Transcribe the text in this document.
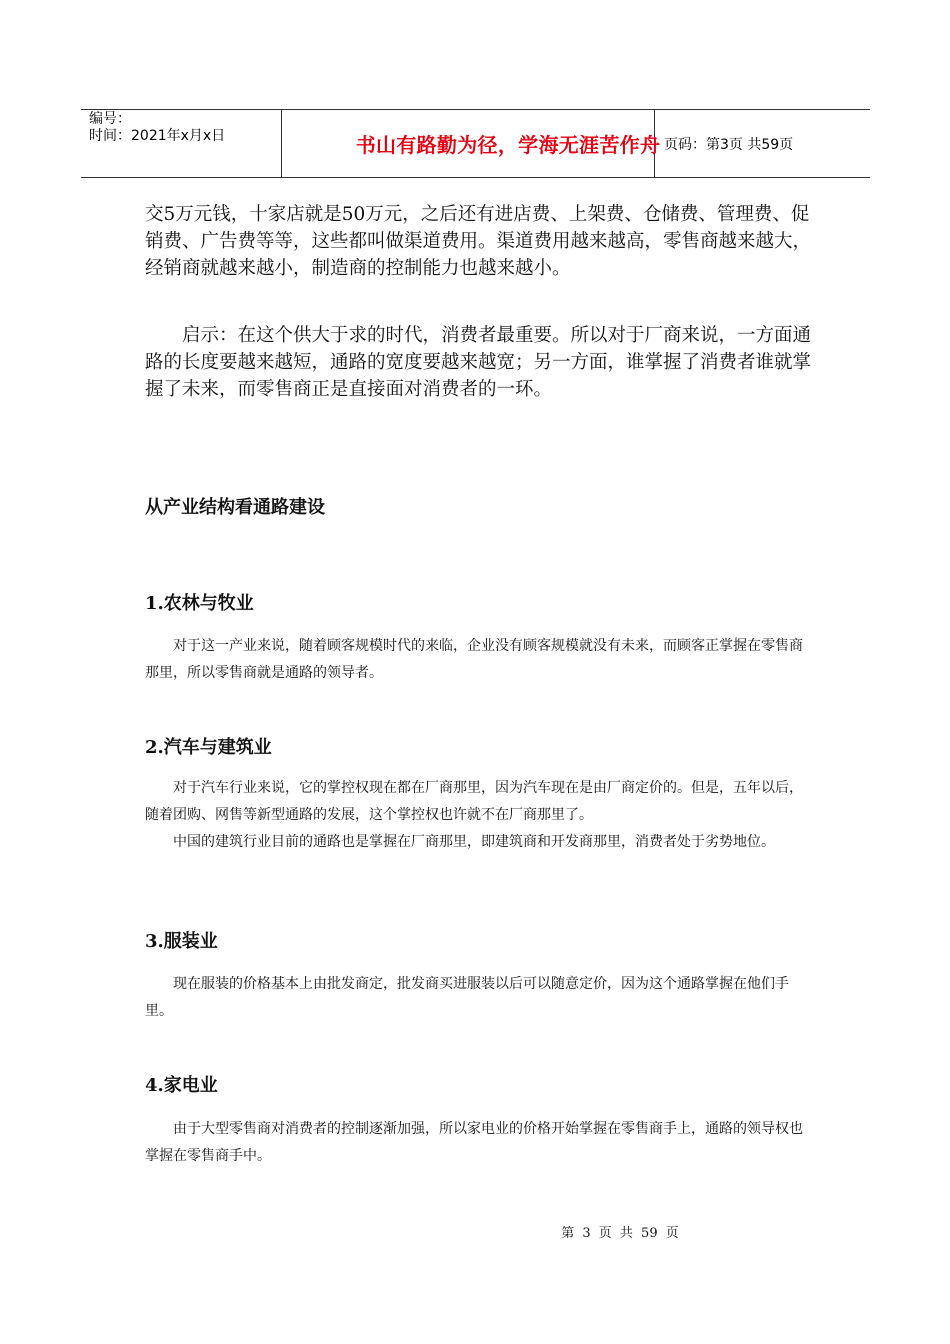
编号：
时间：2021年x月x日	书山有路勤为径，学海无涯苦作舟 页码：第3页 共59页

交5万元钱，十家店就是50万元，之后还有进店费、上架费、仓储费、管理费、促销费、广告费等等，这些都叫做渠道费用。渠道费用越来越高，零售商越来越大，经销商就越来越小，制造商的控制能力也越来越小。

启示：在这个供大于求的时代，消费者最重要。所以对于厂商来说，一方面通路的长度要越来越短，通路的宽度要越来越宽；另一方面，谁掌握了消费者谁就掌握了未来，而零售商正是直接面对消费者的一环。

从产业结构看通路建设
1.农林与牧业

对于这一产业来说，随着顾客规模时代的来临，企业没有顾客规模就没有未来，而顾客正掌握在零售商那里，所以零售商就是通路的领导者。

2.汽车与建筑业

对于汽车行业来说，它的掌控权现在都在厂商那里，因为汽车现在是由厂商定价的。但是，五年以后，随着团购、网售等新型通路的发展，这个掌控权也许就不在厂商那里了。

中国的建筑行业目前的通路也是掌握在厂商那里，即建筑商和开发商那里，消费者处于劣势地位。

3.服装业

现在服装的价格基本上由批发商定，批发商买进服装以后可以随意定价，因为这个通路掌握在他们手里。

4.家电业

由于大型零售商对消费者的控制逐渐加强，所以家电业的价格开始掌握在零售商手上，通路的领导权也掌握在零售商手中。

第 3 页 共 59 页
